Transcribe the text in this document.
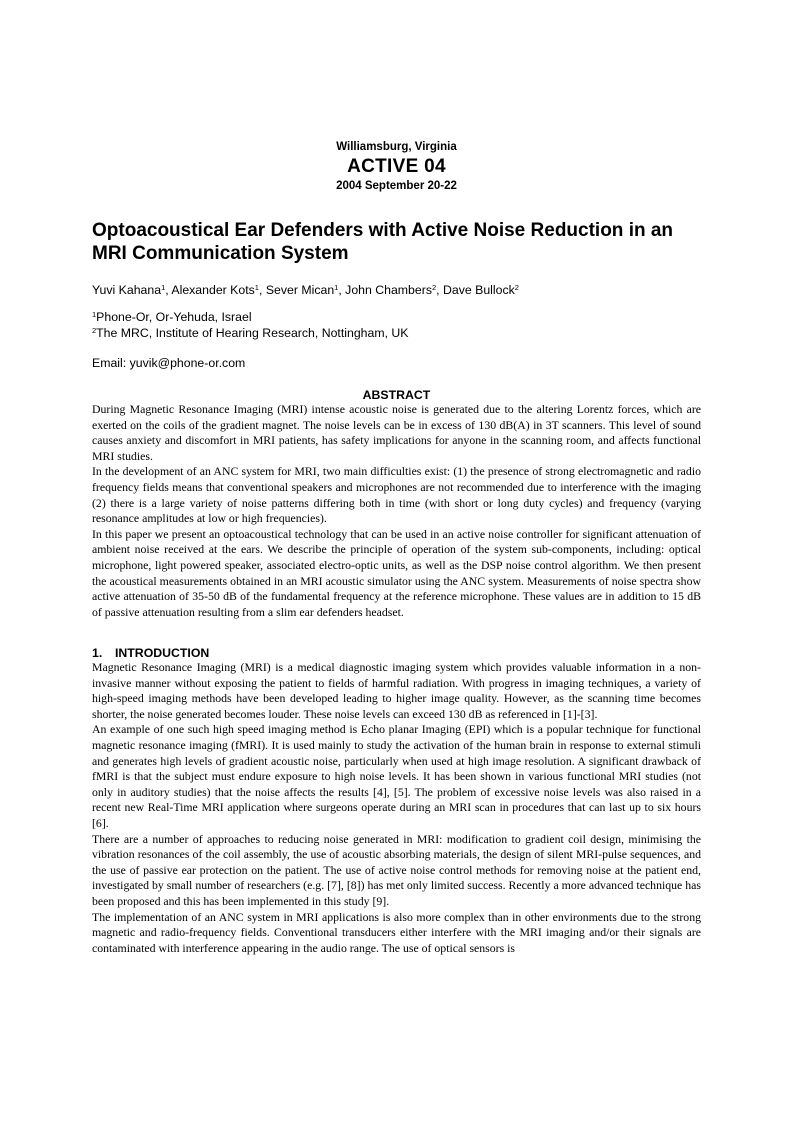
Williamsburg, Virginia
ACTIVE 04
2004 September 20-22
Optoacoustical Ear Defenders with Active Noise Reduction in an MRI Communication System
Yuvi Kahana$^1$, Alexander Kots$^1$, Sever Mican$^1$, John Chambers$^2$, Dave Bullock$^2$
$^1$Phone-Or, Or-Yehuda, Israel
$^2$The MRC, Institute of Hearing Research, Nottingham, UK
Email: yuvik@phone-or.com
ABSTRACT

During Magnetic Resonance Imaging (MRI) intense acoustic noise is generated due to the altering Lorentz forces, which are exerted on the coils of the gradient magnet. The noise levels can be in excess of 130 dB(A) in 3T scanners. This level of sound causes anxiety and discomfort in MRI patients, has safety implications for anyone in the scanning room, and affects functional MRI studies.

In the development of an ANC system for MRI, two main difficulties exist: (1) the presence of strong electromagnetic and radio frequency fields means that conventional speakers and microphones are not recommended due to interference with the imaging (2) there is a large variety of noise patterns differing both in time (with short or long duty cycles) and frequency (varying resonance amplitudes at low or high frequencies).

In this paper we present an optoacoustical technology that can be used in an active noise controller for significant attenuation of ambient noise received at the ears. We describe the principle of operation of the system sub-components, including: optical microphone, light powered speaker, associated electro-optic units, as well as the DSP noise control algorithm. We then present the acoustical measurements obtained in an MRI acoustic simulator using the ANC system. Measurements of noise spectra show active attenuation of 35-50 dB of the fundamental frequency at the reference microphone. These values are in addition to 15 dB of passive attenuation resulting from a slim ear defenders headset.

1. INTRODUCTION

Magnetic Resonance Imaging (MRI) is a medical diagnostic imaging system which provides valuable information in a non-invasive manner without exposing the patient to fields of harmful radiation. With progress in imaging techniques, a variety of high-speed imaging methods have been developed leading to higher image quality. However, as the scanning time becomes shorter, the noise generated becomes louder. These noise levels can exceed 130 dB as referenced in [1]-[3].

An example of one such high speed imaging method is Echo planar Imaging (EPI) which is a popular technique for functional magnetic resonance imaging (fMRI). It is used mainly to study the activation of the human brain in response to external stimuli and generates high levels of gradient acoustic noise, particularly when used at high image resolution. A significant drawback of fMRI is that the subject must endure exposure to high noise levels. It has been shown in various functional MRI studies (not only in auditory studies) that the noise affects the results [4], [5]. The problem of excessive noise levels was also raised in a recent new Real-Time MRI application where surgeons operate during an MRI scan in procedures that can last up to six hours [6].

There are a number of approaches to reducing noise generated in MRI: modification to gradient coil design, minimising the vibration resonances of the coil assembly, the use of acoustic absorbing materials, the design of silent MRI-pulse sequences, and the use of passive ear protection on the patient. The use of active noise control methods for removing noise at the patient end, investigated by small number of researchers (e.g. [7], [8]) has met only limited success. Recently a more advanced technique has been proposed and this has been implemented in this study [9].

The implementation of an ANC system in MRI applications is also more complex than in other environments due to the strong magnetic and radio-frequency fields. Conventional transducers either interfere with the MRI imaging and/or their signals are contaminated with interference appearing in the audio range. The use of optical sensors is
